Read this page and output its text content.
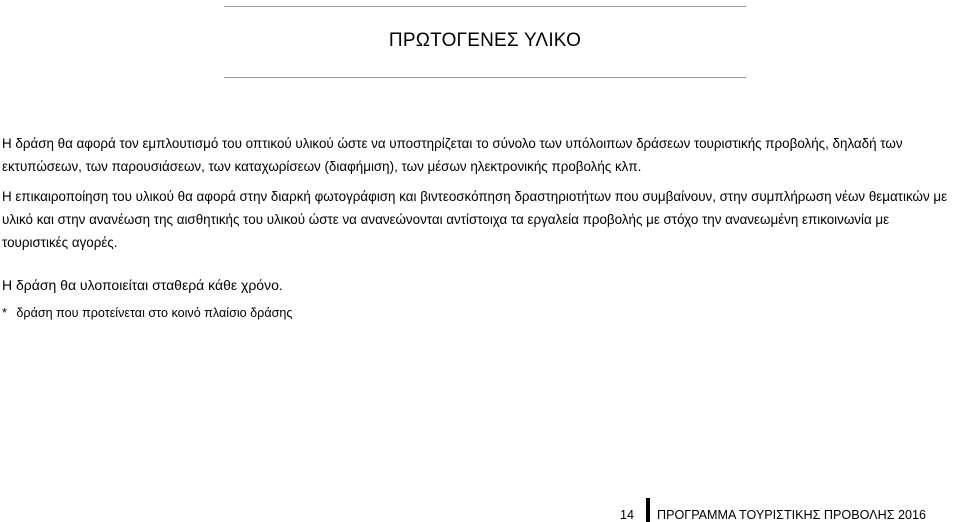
ΠΡΩΤΟΓΕΝΕΣ ΥΛΙΚΟ

Η δράση θα αφορά τον εμπλουτισμό του οπτικού υλικού ώστε να υποστηρίζεται το σύνολο των υπόλοιπων δράσεων τουριστικής προβολής, δηλαδή των εκτυπώσεων, των παρουσιάσεων, των καταχωρίσεων (διαφήμιση), των μέσων ηλεκτρονικής προβολής κλπ.

Η επικαιροποίηση του υλικού θα αφορά στην διαρκή φωτογράφιση και βιντεοσκόπηση δραστηριοτήτων που συμβαίνουν, στην συμπλήρωση νέων θεματικών με υλικό και στην ανανέωση της αισθητικής του υλικού ώστε να ανανεώνονται αντίστοιχα τα εργαλεία προβολής με στόχο την ανανεωμένη επικοινωνία με τουριστικές αγορές.

Η δράση θα υλοποιείται σταθερά κάθε χρόνο.

* δράση που προτείνεται στο κοινό πλαίσιο δράσης
14 ΠΡΟΓΡΑΜΜΑ ΤΟΥΡΙΣΤΙΚΗΣ ΠΡΟΒΟΛΗΣ 2016
